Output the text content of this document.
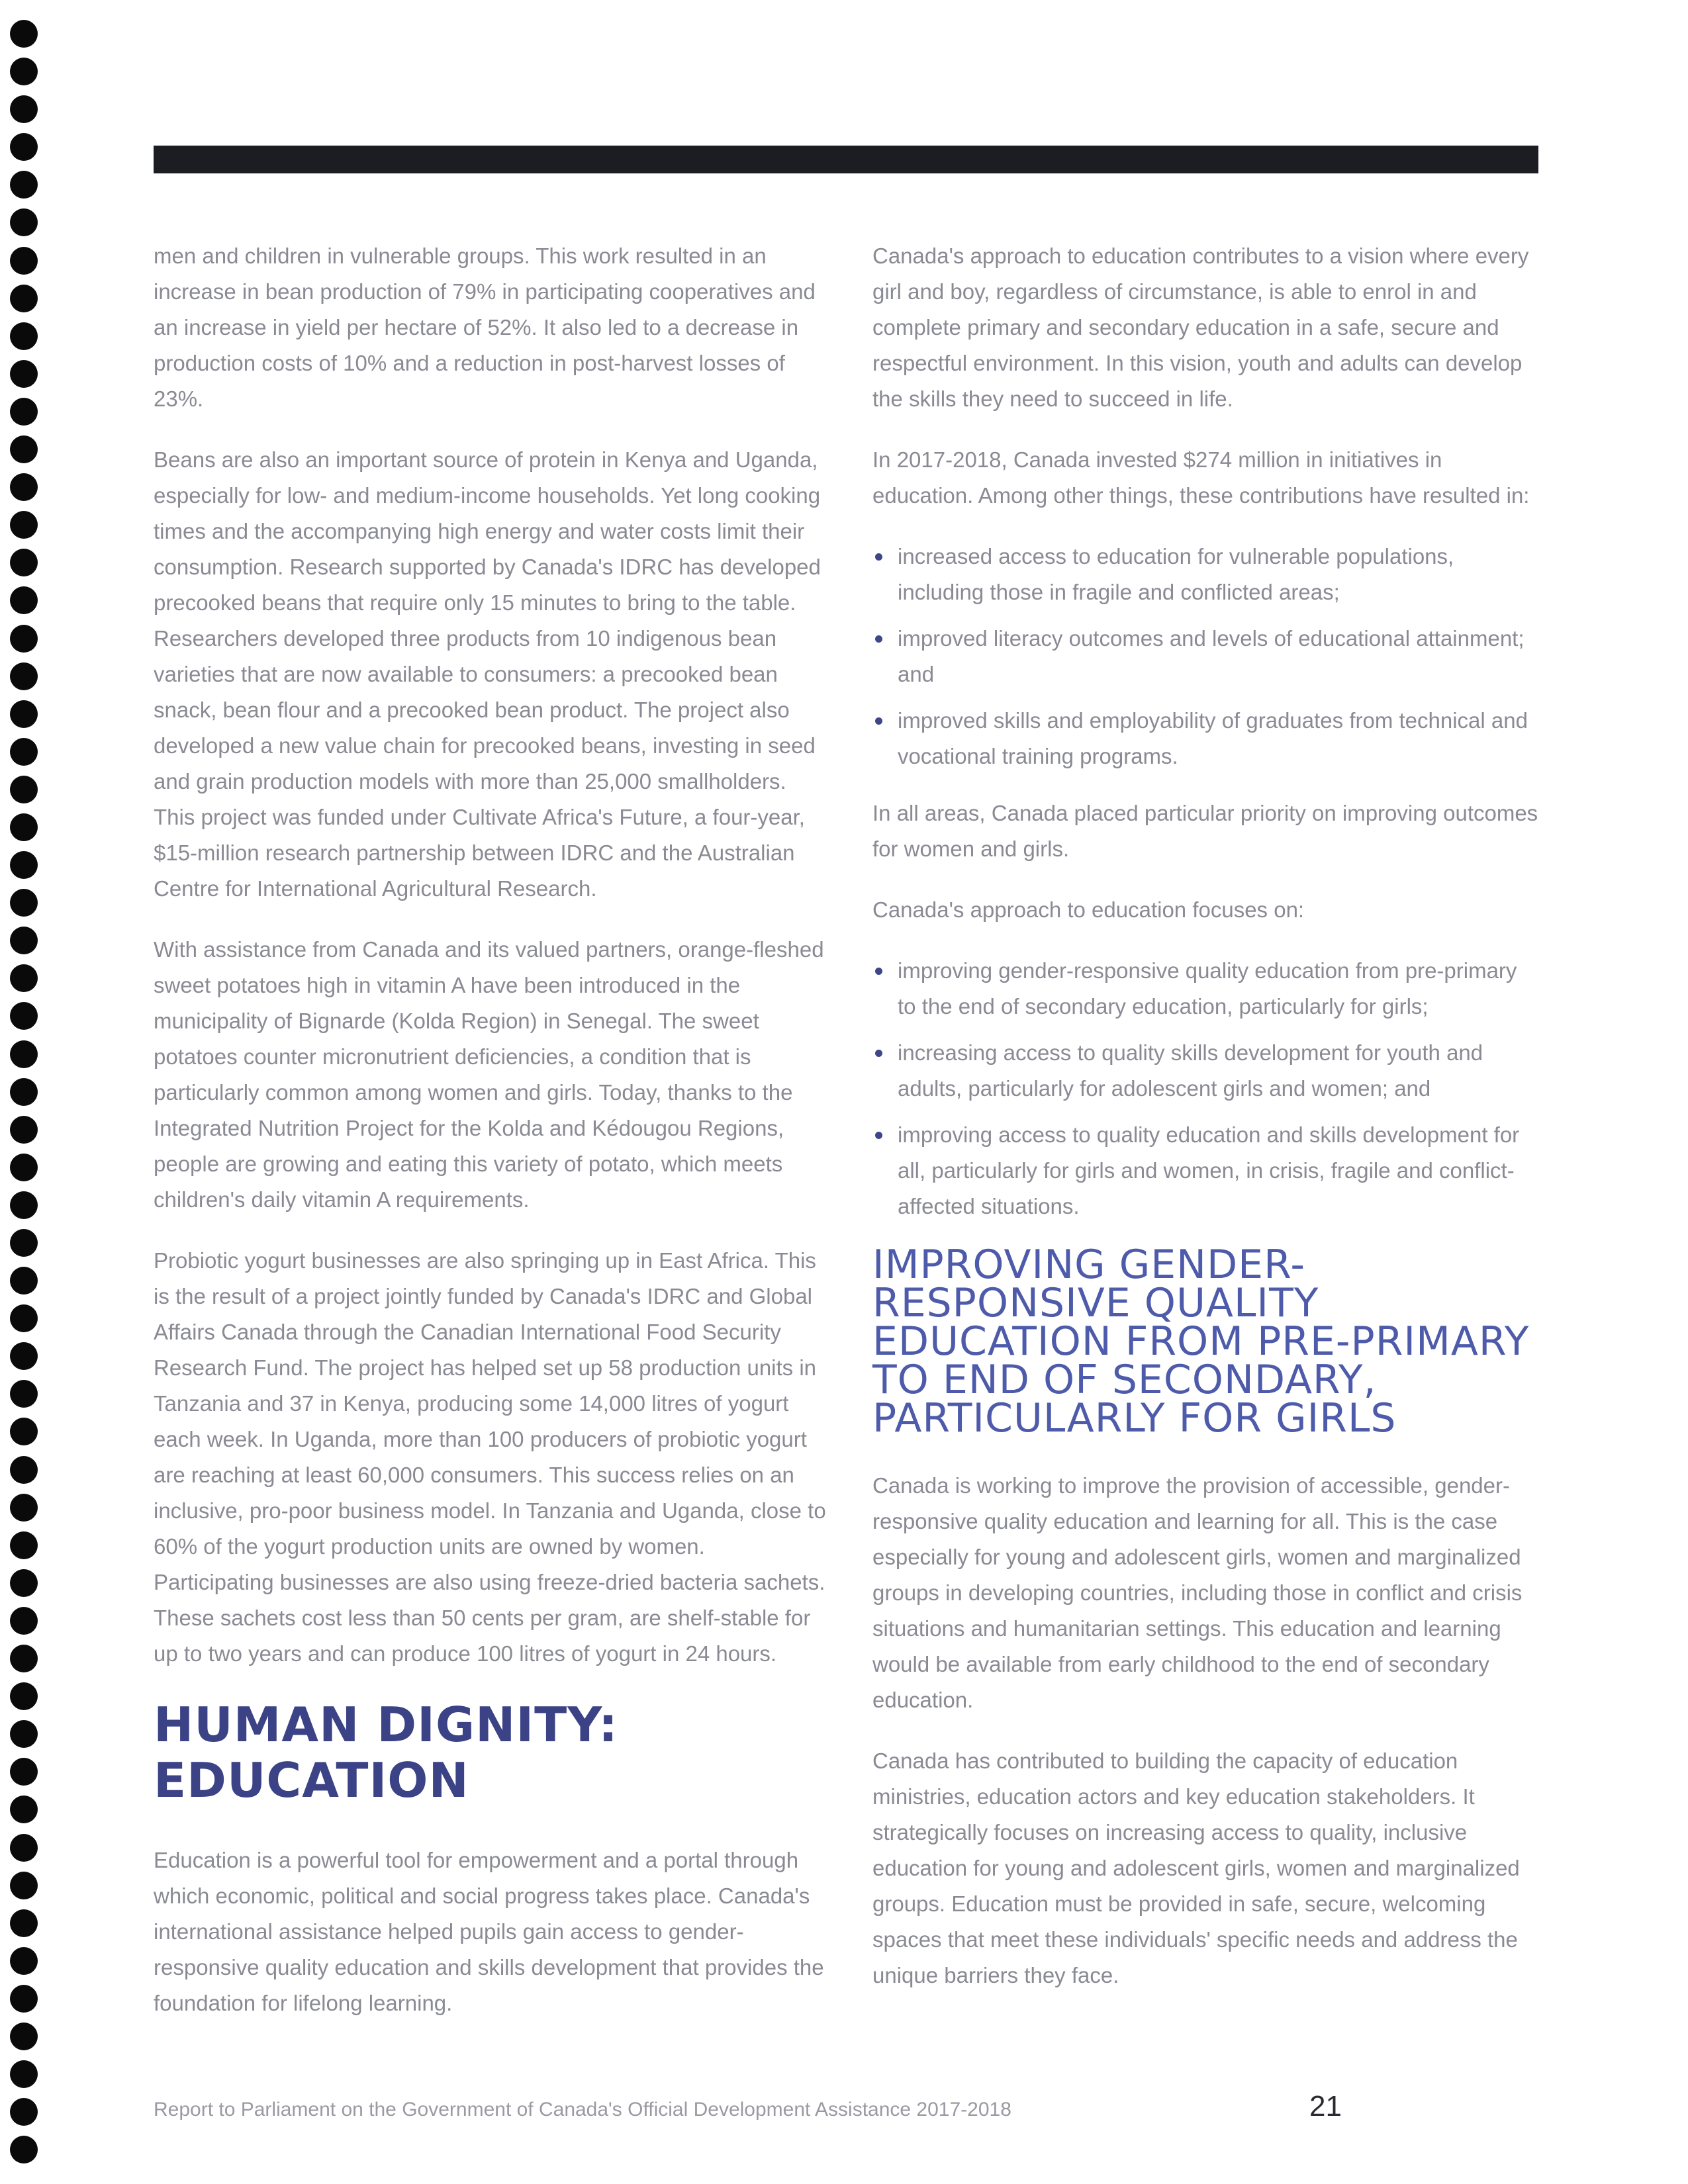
men and children in vulnerable groups. This work resulted in an increase in bean production of 79% in participating cooperatives and an increase in yield per hectare of 52%. It also led to a decrease in production costs of 10% and a reduction in post-harvest losses of 23%.

Beans are also an important source of protein in Kenya and Uganda, especially for low- and medium-income households. Yet long cooking times and the accompanying high energy and water costs limit their consumption. Research supported by Canada's IDRC has developed precooked beans that require only 15 minutes to bring to the table. Researchers developed three products from 10 indigenous bean varieties that are now available to consumers: a precooked bean snack, bean flour and a precooked bean product. The project also developed a new value chain for precooked beans, investing in seed and grain production models with more than 25,000 smallholders. This project was funded under Cultivate Africa's Future, a four-year, $15-million research partnership between IDRC and the Australian Centre for International Agricultural Research.

With assistance from Canada and its valued partners, orange-fleshed sweet potatoes high in vitamin A have been introduced in the municipality of Bignarde (Kolda Region) in Senegal. The sweet potatoes counter micronutrient deficiencies, a condition that is particularly common among women and girls. Today, thanks to the Integrated Nutrition Project for the Kolda and Kédougou Regions, people are growing and eating this variety of potato, which meets children's daily vitamin A requirements.

Probiotic yogurt businesses are also springing up in East Africa. This is the result of a project jointly funded by Canada's IDRC and Global Affairs Canada through the Canadian International Food Security Research Fund. The project has helped set up 58 production units in Tanzania and 37 in Kenya, producing some 14,000 litres of yogurt each week. In Uganda, more than 100 producers of probiotic yogurt are reaching at least 60,000 consumers. This success relies on an inclusive, pro-poor business model. In Tanzania and Uganda, close to 60% of the yogurt production units are owned by women. Participating businesses are also using freeze-dried bacteria sachets. These sachets cost less than 50 cents per gram, are shelf-stable for up to two years and can produce 100 litres of yogurt in 24 hours.

HUMAN DIGNITY: EDUCATION

Education is a powerful tool for empowerment and a portal through which economic, political and social progress takes place. Canada's international assistance helped pupils gain access to gender-responsive quality education and skills development that provides the foundation for lifelong learning.

Canada's approach to education contributes to a vision where every girl and boy, regardless of circumstance, is able to enrol in and complete primary and secondary education in a safe, secure and respectful environment. In this vision, youth and adults can develop the skills they need to succeed in life.

In 2017-2018, Canada invested $274 million in initiatives in education. Among other things, these contributions have resulted in:

increased access to education for vulnerable populations, including those in fragile and conflicted areas;
improved literacy outcomes and levels of educational attainment; and
improved skills and employability of graduates from technical and vocational training programs.

In all areas, Canada placed particular priority on improving outcomes for women and girls.

Canada's approach to education focuses on:

improving gender-responsive quality education from pre-primary to the end of secondary education, particularly for girls;
increasing access to quality skills development for youth and adults, particularly for adolescent girls and women; and
improving access to quality education and skills development for all, particularly for girls and women, in crisis, fragile and conflict-affected situations.
IMPROVING GENDER-RESPONSIVE QUALITY EDUCATION FROM PRE-PRIMARY TO END OF SECONDARY, PARTICULARLY FOR GIRLS

Canada is working to improve the provision of accessible, gender-responsive quality education and learning for all. This is the case especially for young and adolescent girls, women and marginalized groups in developing countries, including those in conflict and crisis situations and humanitarian settings. This education and learning would be available from early childhood to the end of secondary education.

Canada has contributed to building the capacity of education ministries, education actors and key education stakeholders. It strategically focuses on increasing access to quality, inclusive education for young and adolescent girls, women and marginalized groups. Education must be provided in safe, secure, welcoming spaces that meet these individuals' specific needs and address the unique barriers they face.

Report to Parliament on the Government of Canada's Official Development Assistance 2017-2018	21
